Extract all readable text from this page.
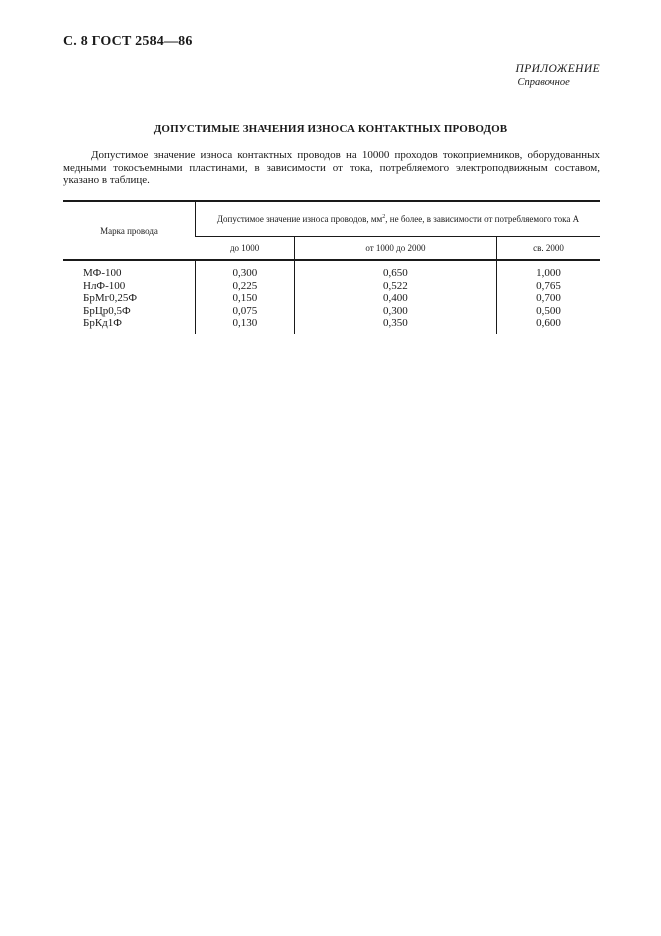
С. 8 ГОСТ 2584—86
ПРИЛОЖЕНИЕ
Справочное
ДОПУСТИМЫЕ ЗНАЧЕНИЯ ИЗНОСА КОНТАКТНЫХ ПРОВОДОВ

Допустимое значение износа контактных проводов на 10000 проходов токоприемников, оборудованных медными токосъемными пластинами, в зависимости от тока, потребляемого электроподвижным составом, указано в таблице.

Марка провода	Допустимое значение износа проводов, $мм^2$, не более, в зависимости от потребляемого тока А		
	до 1000	от 1000 до 2000	св. 2000
МФ-100	0,300	0,650	1,000
НлФ-100	0,225	0,522	0,765
БрМг0,25Ф	0,150	0,400	0,700
БрЦр0,5Ф	0,075	0,300	0,500
БрКд1Ф	0,130	0,350	0,600
